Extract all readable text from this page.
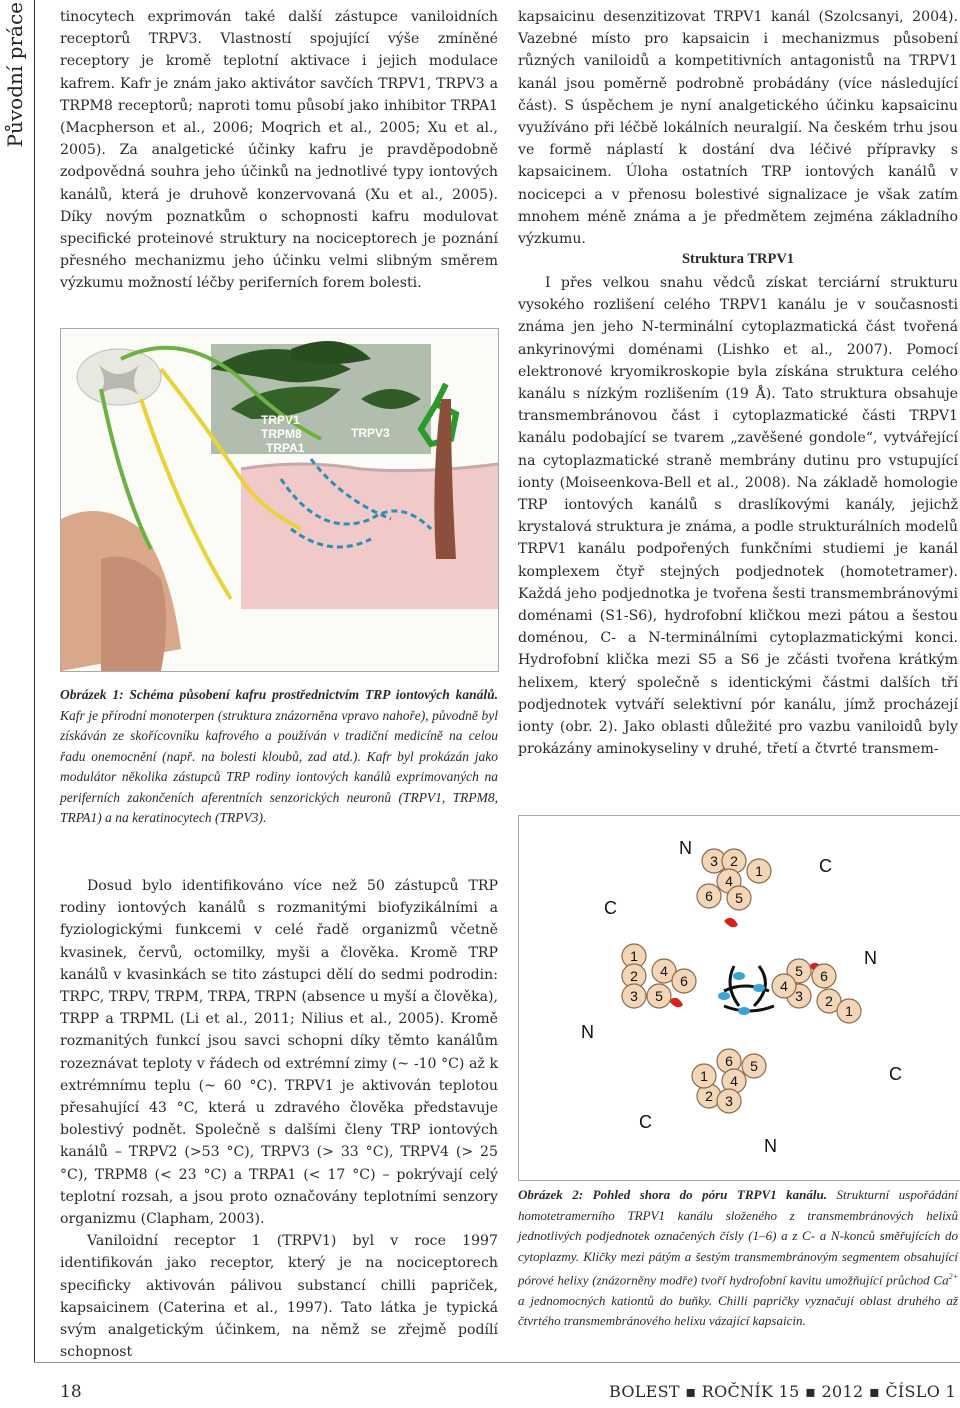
Původní práce tinocytech exprimován také další zástupce vaniloidních receptorů TRPV3. Vlastností spojující výše zmíněné receptory je kromě teplotní aktivace i jejich modulace kafrem. Kafr je znám jako aktivátor savčích TRPV1, TRPV3 a TRPM8 receptorů; naproti tomu působí jako inhibitor TRPA1 (Macpherson et al., 2006; Moqrich et al., 2005; Xu et al., 2005). Za analgetické účinky kafru je pravděpodobně zodpovědná souhra jeho účinků na jednotlivé typy iontových kanálů, která je druhově konzervovaná (Xu et al., 2005). Díky novým poznatkům o schopnosti kafru modulovat specifické proteinové struktury na nociceptorech je poznání přesného mechanizmu jeho účinku velmi slibným směrem výzkumu možností léčby periferních forem bolesti.

TRPV1
TRPM8
TRPA1
TRPV3
Obrázek 1: Schéma působení kafru prostřednictvím TRP iontových kanálů. Kafr je přírodní monoterpen (struktura znázorněna vpravo nahoře), původně byl získáván ze skořícovníku kafrového a používán v tradiční medicíně na celou řadu onemocnění (např. na bolesti kloubů, zad atd.). Kafr byl prokázán jako modulátor několika zástupců TRP rodiny iontových kanálů exprimovaných na periferních zakončeních aferentních senzorických neuronů (TRPV1, TRPM8, TRPA1) a na keratinocytech (TRPV3).

Dosud bylo identifikováno více než 50 zástupců TRP rodiny iontových kanálů s rozmanitými biofyzikálními a fyziologickými funkcemi v celé řadě organizmů včetně kvasinek, červů, octomilky, myši a člověka. Kromě TRP kanálů v kvasinkách se tito zástupci dělí do sedmi podrodin: TRPC, TRPV, TRPM, TRPA, TRPN (absence u myší a člověka), TRPP a TRPML (Li et al., 2011; Nilius et al., 2005). Kromě rozmanitých funkcí jsou savci schopni díky těmto kanálům rozeznávat teploty v řádech od extrémní zimy (~ -10 °C) až k extrémnímu teplu (~ 60 °C). TRPV1 je aktivován teplotou přesahující 43 °C, která u zdravého člověka představuje bolestivý podnět. Společně s dalšími členy TRP iontových kanálů – TRPV2 (>53 °C), TRPV3 (> 33 °C), TRPV4 (> 25 °C), TRPM8 (< 23 °C) a TRPA1 (< 17 °C) – pokrývají celý teplotní rozsah, a jsou proto označovány teplotními senzory organizmu (Clapham, 2003).

Vaniloidní receptor 1 (TRPV1) byl v roce 1997 identifikován jako receptor, který je na nociceptorech specificky aktivován pálivou substancí chilli papriček, kapsaicinem (Caterina et al., 1997). Tato látka je typická svým analgetickým účinkem, na němž se zřejmě podílí schopnost

kapsaicinu desenzitizovat TRPV1 kanál (Szolcsanyi, 2004). Vazebné místo pro kapsaicin i mechanizmus působení různých vaniloidů a kompetitivních antagonistů na TRPV1 kanál jsou poměrně podrobně probádány (více následující část). S úspěchem je nyní analgetického účinku kapsaicinu využíváno při léčbě lokálních neuralgií. Na českém trhu jsou ve formě náplastí k dostání dva léčivé přípravky s kapsaicinem. Úloha ostatních TRP iontových kanálů v nocicepci a v přenosu bolestivé signalizace je však zatím mnohem méně známa a je předmětem zejména základního výzkumu.

Struktura TRPV1

I přes velkou snahu vědců získat terciární strukturu vysokého rozlišení celého TRPV1 kanálu je v současnosti známa jen jeho N-terminální cytoplazmatická část tvořená ankyrinovými doménami (Lishko et al., 2007). Pomocí elektronové kryomikroskopie byla získána struktura celého kanálu s nízkým rozlišením (19 Å). Tato struktura obsahuje transmembránovou část i cytoplazmatické části TRPV1 kanálu podobající se tvarem „zavěšené gondole“, vytvářející na cytoplazmatické straně membrány dutinu pro vstupující ionty (Moiseenkova-Bell et al., 2008). Na základě homologie TRP iontových kanálů s draslíkovými kanály, jejichž krystalová struktura je známa, a podle strukturálních modelů TRPV1 kanálu podpořených funkčními studiemi je kanál komplexem čtyř stejných podjednotek (homotetramer). Každá jeho podjednotka je tvořena šesti transmembránovými doménami (S1-S6), hydrofobní kličkou mezi pátou a šestou doménou, C- a N-terminálními cytoplazmatickými konci. Hydrofobní klička mezi S5 a S6 je zčásti tvořena krátkým helixem, který společně s identickými částmi dalších tří podjednotek vytváří selektivní pór kanálu, jímž procházejí ionty (obr. 2). Jako oblasti důležité pro vazbu vaniloidů byly prokázány aminokyseliny v druhé, třetí a čtvrté transmem-

N
C
C
N
N
C
C
N
3 2
1
4
6 5
5 6
3 2
1
4
6 5
4
2 3
1
1
2
3
4
5
6
Obrázek 2: Pohled shora do póru TRPV1 kanálu. Strukturní uspořádání homotetramerního TRPV1 kanálu složeného z transmembránových helixů jednotlivých podjednotek označených čísly (1–6) a z C- a N-konců směřujících do cytoplazmy. Kličky mezi pátým a šestým transmembránovým segmentem obsahující pórové helixy (znázorněny modře) tvoří hydrofobní kavitu umožňující průchod $Ca^{2+}$ a jednomocných kationtů do buňky. Chilli papričky vyznačují oblast druhého až čtvrtého transmembránového helixu vázající kapsaicin.
18	BOLEST ▪ ROČNÍK 15 ▪ 2012 ▪ ČÍSLO 1
